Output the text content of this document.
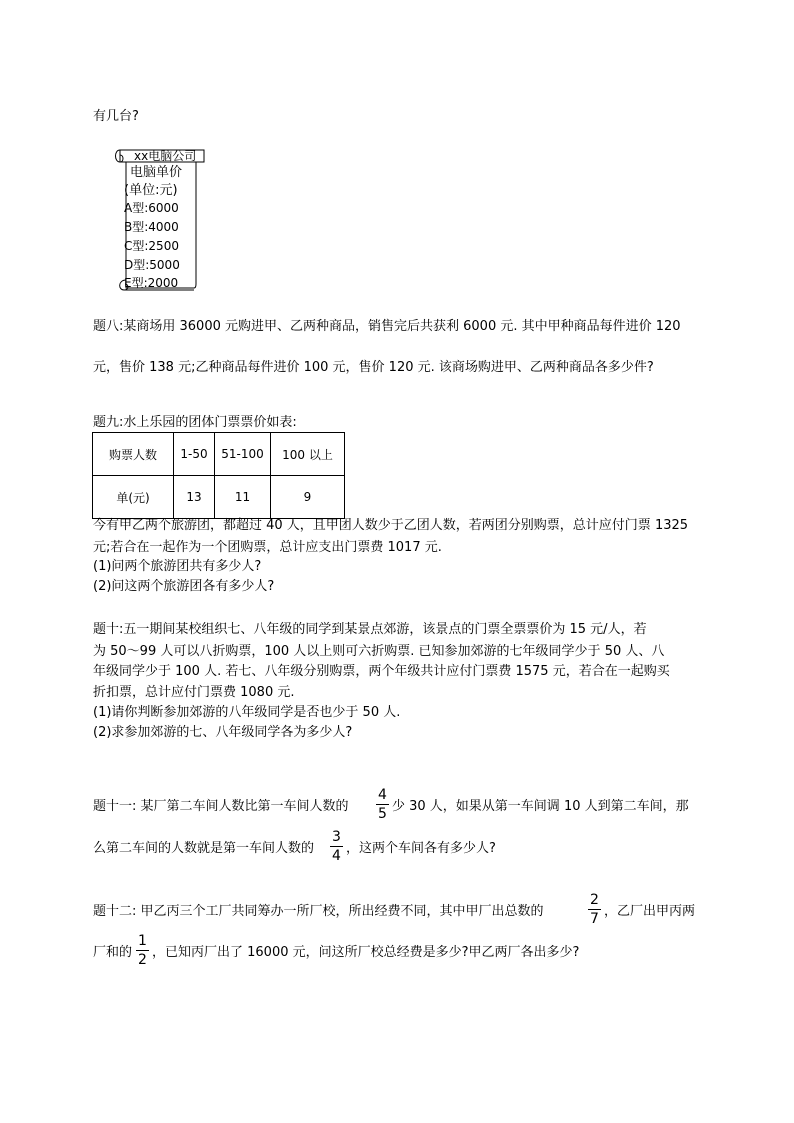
有几台?
xx电脑公司
电脑单价
(单位:元)
A型:6000
B型:4000
C型:2500
D型:5000
E型:2000
题八:某商场用 36000 元购进甲、乙两种商品，销售完后共获利 6000 元. 其中甲种商品每件进价 120
元，售价 138 元;乙种商品每件进价 100 元，售价 120 元. 该商场购进甲、乙两种商品各多少件?
题九:水上乐园的团体门票票价如表:
购票人数	1-50	51-100	100 以上
单(元)	13	11	9
今有甲乙两个旅游团，都超过 40 人，且甲团人数少于乙团人数，若两团分别购票，总计应付门票 1325
元;若合在一起作为一个团购票，总计应支出门票费 1017 元.
(1)问两个旅游团共有多少人?
(2)问这两个旅游团各有多少人?
题十:五一期间某校组织七、八年级的同学到某景点郊游，该景点的门票全票票价为 15 元/人，若
为 50～99 人可以八折购票，100 人以上则可六折购票. 已知参加郊游的七年级同学少于 50 人、八
年级同学少于 100 人. 若七、八年级分别购票，两个年级共计应付门票费 1575 元，若合在一起购买
折扣票，总计应付门票费 1080 元.
(1)请你判断参加郊游的八年级同学是否也少于 50 人.
(2)求参加郊游的七、八年级同学各为多少人?
题十一: 某厂第二车间人数比第一车间人数的 $\frac{4}{5}$ 少 30 人，如果从第一车间调 10 人到第二车间，那
么第二车间的人数就是第一车间人数的 $\frac{3}{4}$ ，这两个车间各有多少人?
题十二: 甲乙丙三个工厂共同筹办一所厂校，所出经费不同，其中甲厂出总数的	$\frac{2}{7}$ ，乙厂出甲丙两
厂和的 $\frac{1}{2}$ ，已知丙厂出了 16000 元，问这所厂校总经费是多少?甲乙两厂各出多少?
